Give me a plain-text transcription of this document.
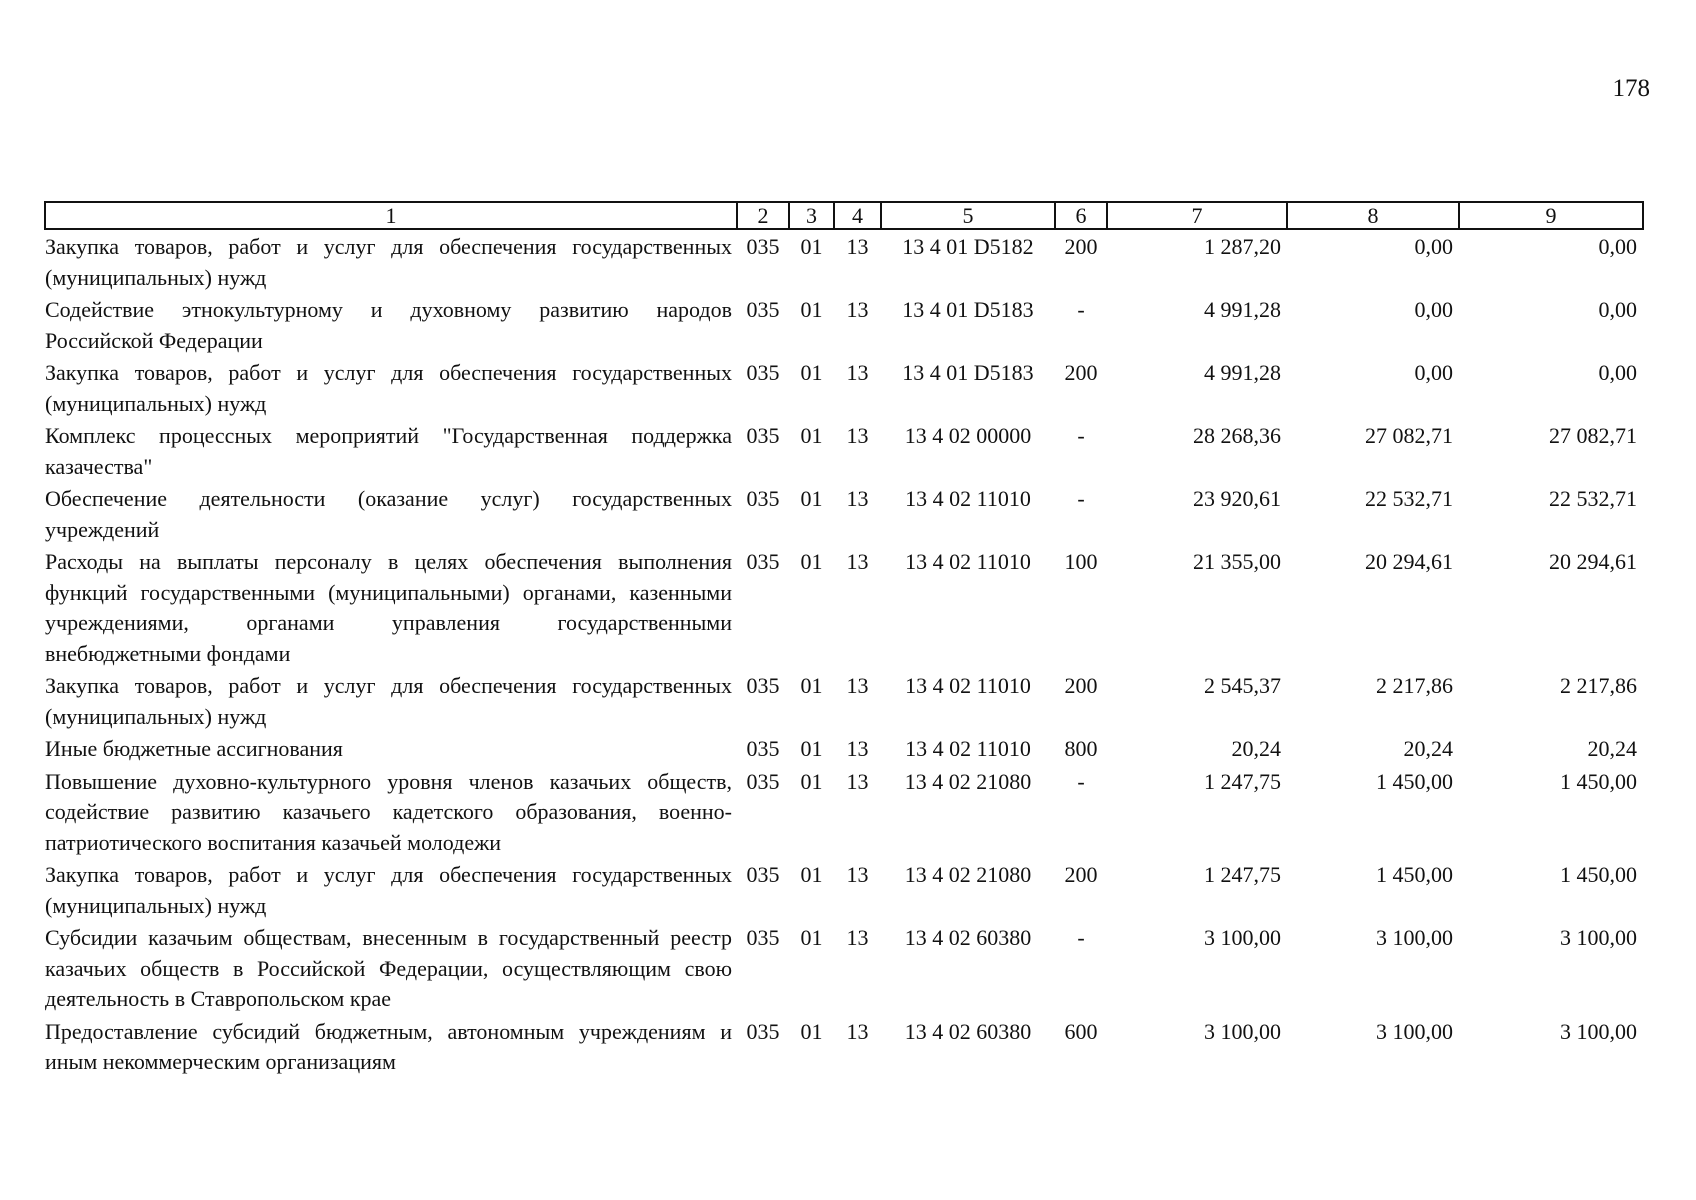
178
1	2	3	4	5	6	7	8	9
Закупка товаров, работ и услуг для обеспечения государственных (муниципальных) нужд	035	01	13	13 4 01 D5182	200	1 287,20	0,00	0,00
Содействие этнокультурному и духовному развитию народов Российской Федерации	035	01	13	13 4 01 D5183	-	4 991,28	0,00	0,00
Закупка товаров, работ и услуг для обеспечения государственных (муниципальных) нужд	035	01	13	13 4 01 D5183	200	4 991,28	0,00	0,00
Комплекс процессных мероприятий "Государственная поддержка казачества"	035	01	13	13 4 02 00000	-	28 268,36	27 082,71	27 082,71
Обеспечение деятельности (оказание услуг) государственных учреждений	035	01	13	13 4 02 11010	-	23 920,61	22 532,71	22 532,71
Расходы на выплаты персоналу в целях обеспечения выполнения функций государственными (муниципальными) органами, казенными учреждениями, органами управления государственными внебюджетными фондами	035	01	13	13 4 02 11010	100	21 355,00	20 294,61	20 294,61
Закупка товаров, работ и услуг для обеспечения государственных (муниципальных) нужд	035	01	13	13 4 02 11010	200	2 545,37	2 217,86	2 217,86
Иные бюджетные ассигнования	035	01	13	13 4 02 11010	800	20,24	20,24	20,24
Повышение духовно-культурного уровня членов казачьих обществ, содействие развитию казачьего кадетского образования, военно-патриотического воспитания казачьей молодежи	035	01	13	13 4 02 21080	-	1 247,75	1 450,00	1 450,00
Закупка товаров, работ и услуг для обеспечения государственных (муниципальных) нужд	035	01	13	13 4 02 21080	200	1 247,75	1 450,00	1 450,00
Субсидии казачьим обществам, внесенным в государственный реестр казачьих обществ в Российской Федерации, осуществляющим свою деятельность в Ставропольском крае	035	01	13	13 4 02 60380	-	3 100,00	3 100,00	3 100,00
Предоставление субсидий бюджетным, автономным учреждениям и иным некоммерческим организациям	035	01	13	13 4 02 60380	600	3 100,00	3 100,00	3 100,00
